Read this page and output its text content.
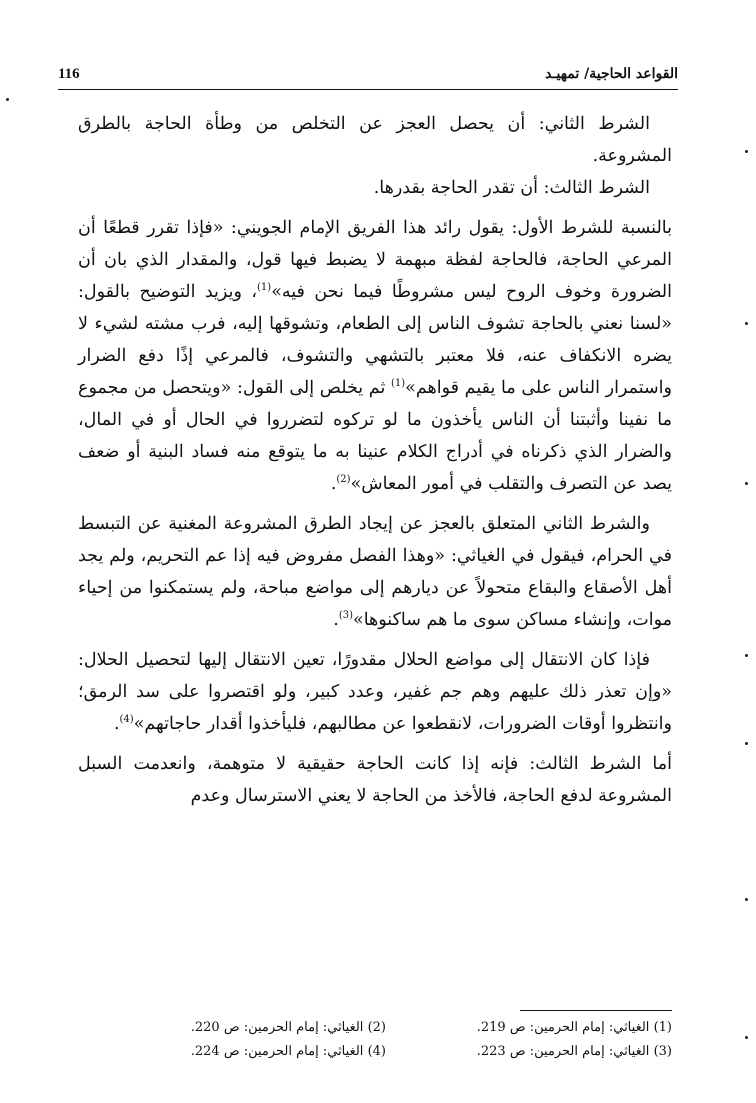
القواعد الحاجية/ تمهيـد
116

الشرط الثاني: أن يحصل العجز عن التخلص من وطأة الحاجة بالطرق المشروعة.

الشرط الثالث: أن تقدر الحاجة بقدرها.

بالنسبة للشرط الأول: يقول رائد هذا الفريق الإمام الجويني: «فإذا تقرر قطعًا أن المرعي الحاجة، فالحاجة لفظة مبهمة لا يضبط فيها قول، والمقدار الذي بان أن الضرورة وخوف الروح ليس مشروطًا فيما نحن فيه»$^{(1)}$، ويزيد التوضيح بالقول: «لسنا نعني بالحاجة تشوف الناس إلى الطعام، وتشوقها إليه، فرب مشته لشيء لا يضره الانكفاف عنه، فلا معتبر بالتشهي والتشوف، فالمرعي إذًا دفع الضرار واستمرار الناس على ما يقيم قواهم»$^{(1)}$ ثم يخلص إلى القول: «ويتحصل من مجموع ما نفينا وأثبتنا أن الناس يأخذون ما لو تركوه لتضرروا في الحال أو في المال، والضرار الذي ذكرناه في أدراج الكلام عنينا به ما يتوقع منه فساد البنية أو ضعف يصد عن التصرف والتقلب في أمور المعاش»$^{(2)}$.

والشرط الثاني المتعلق بالعجز عن إيجاد الطرق المشروعة المغنية عن التبسط في الحرام، فيقول في الغياثي: «وهذا الفصل مفروض فيه إذا عم التحريم، ولم يجد أهل الأصقاع والبقاع متحولاً عن ديارهم إلى مواضع مباحة، ولم يستمكنوا من إحياء موات، وإنشاء مساكن سوى ما هم ساكنوها»$^{(3)}$.

فإذا كان الانتقال إلى مواضع الحلال مقدورًا، تعين الانتقال إليها لتحصيل الحلال: «وإن تعذر ذلك عليهم وهم جم غفير، وعدد كبير، ولو اقتصروا على سد الرمق؛ وانتظروا أوقات الضرورات، لانقطعوا عن مطالبهم، فليأخذوا أقدار حاجاتهم»$^{(4)}$.

أما الشرط الثالث: فإنه إذا كانت الحاجة حقيقية لا متوهمة، وانعدمت السبل المشروعة لدفع الحاجة، فالأخذ من الحاجة لا يعني الاسترسال وعدم

(1) الغياثي: إمام الحرمين: ص 219.
(2) الغياثي: إمام الحرمين: ص 220.
(3) الغياثي: إمام الحرمين: ص 223.
(4) الغياثي: إمام الحرمين: ص 224.
